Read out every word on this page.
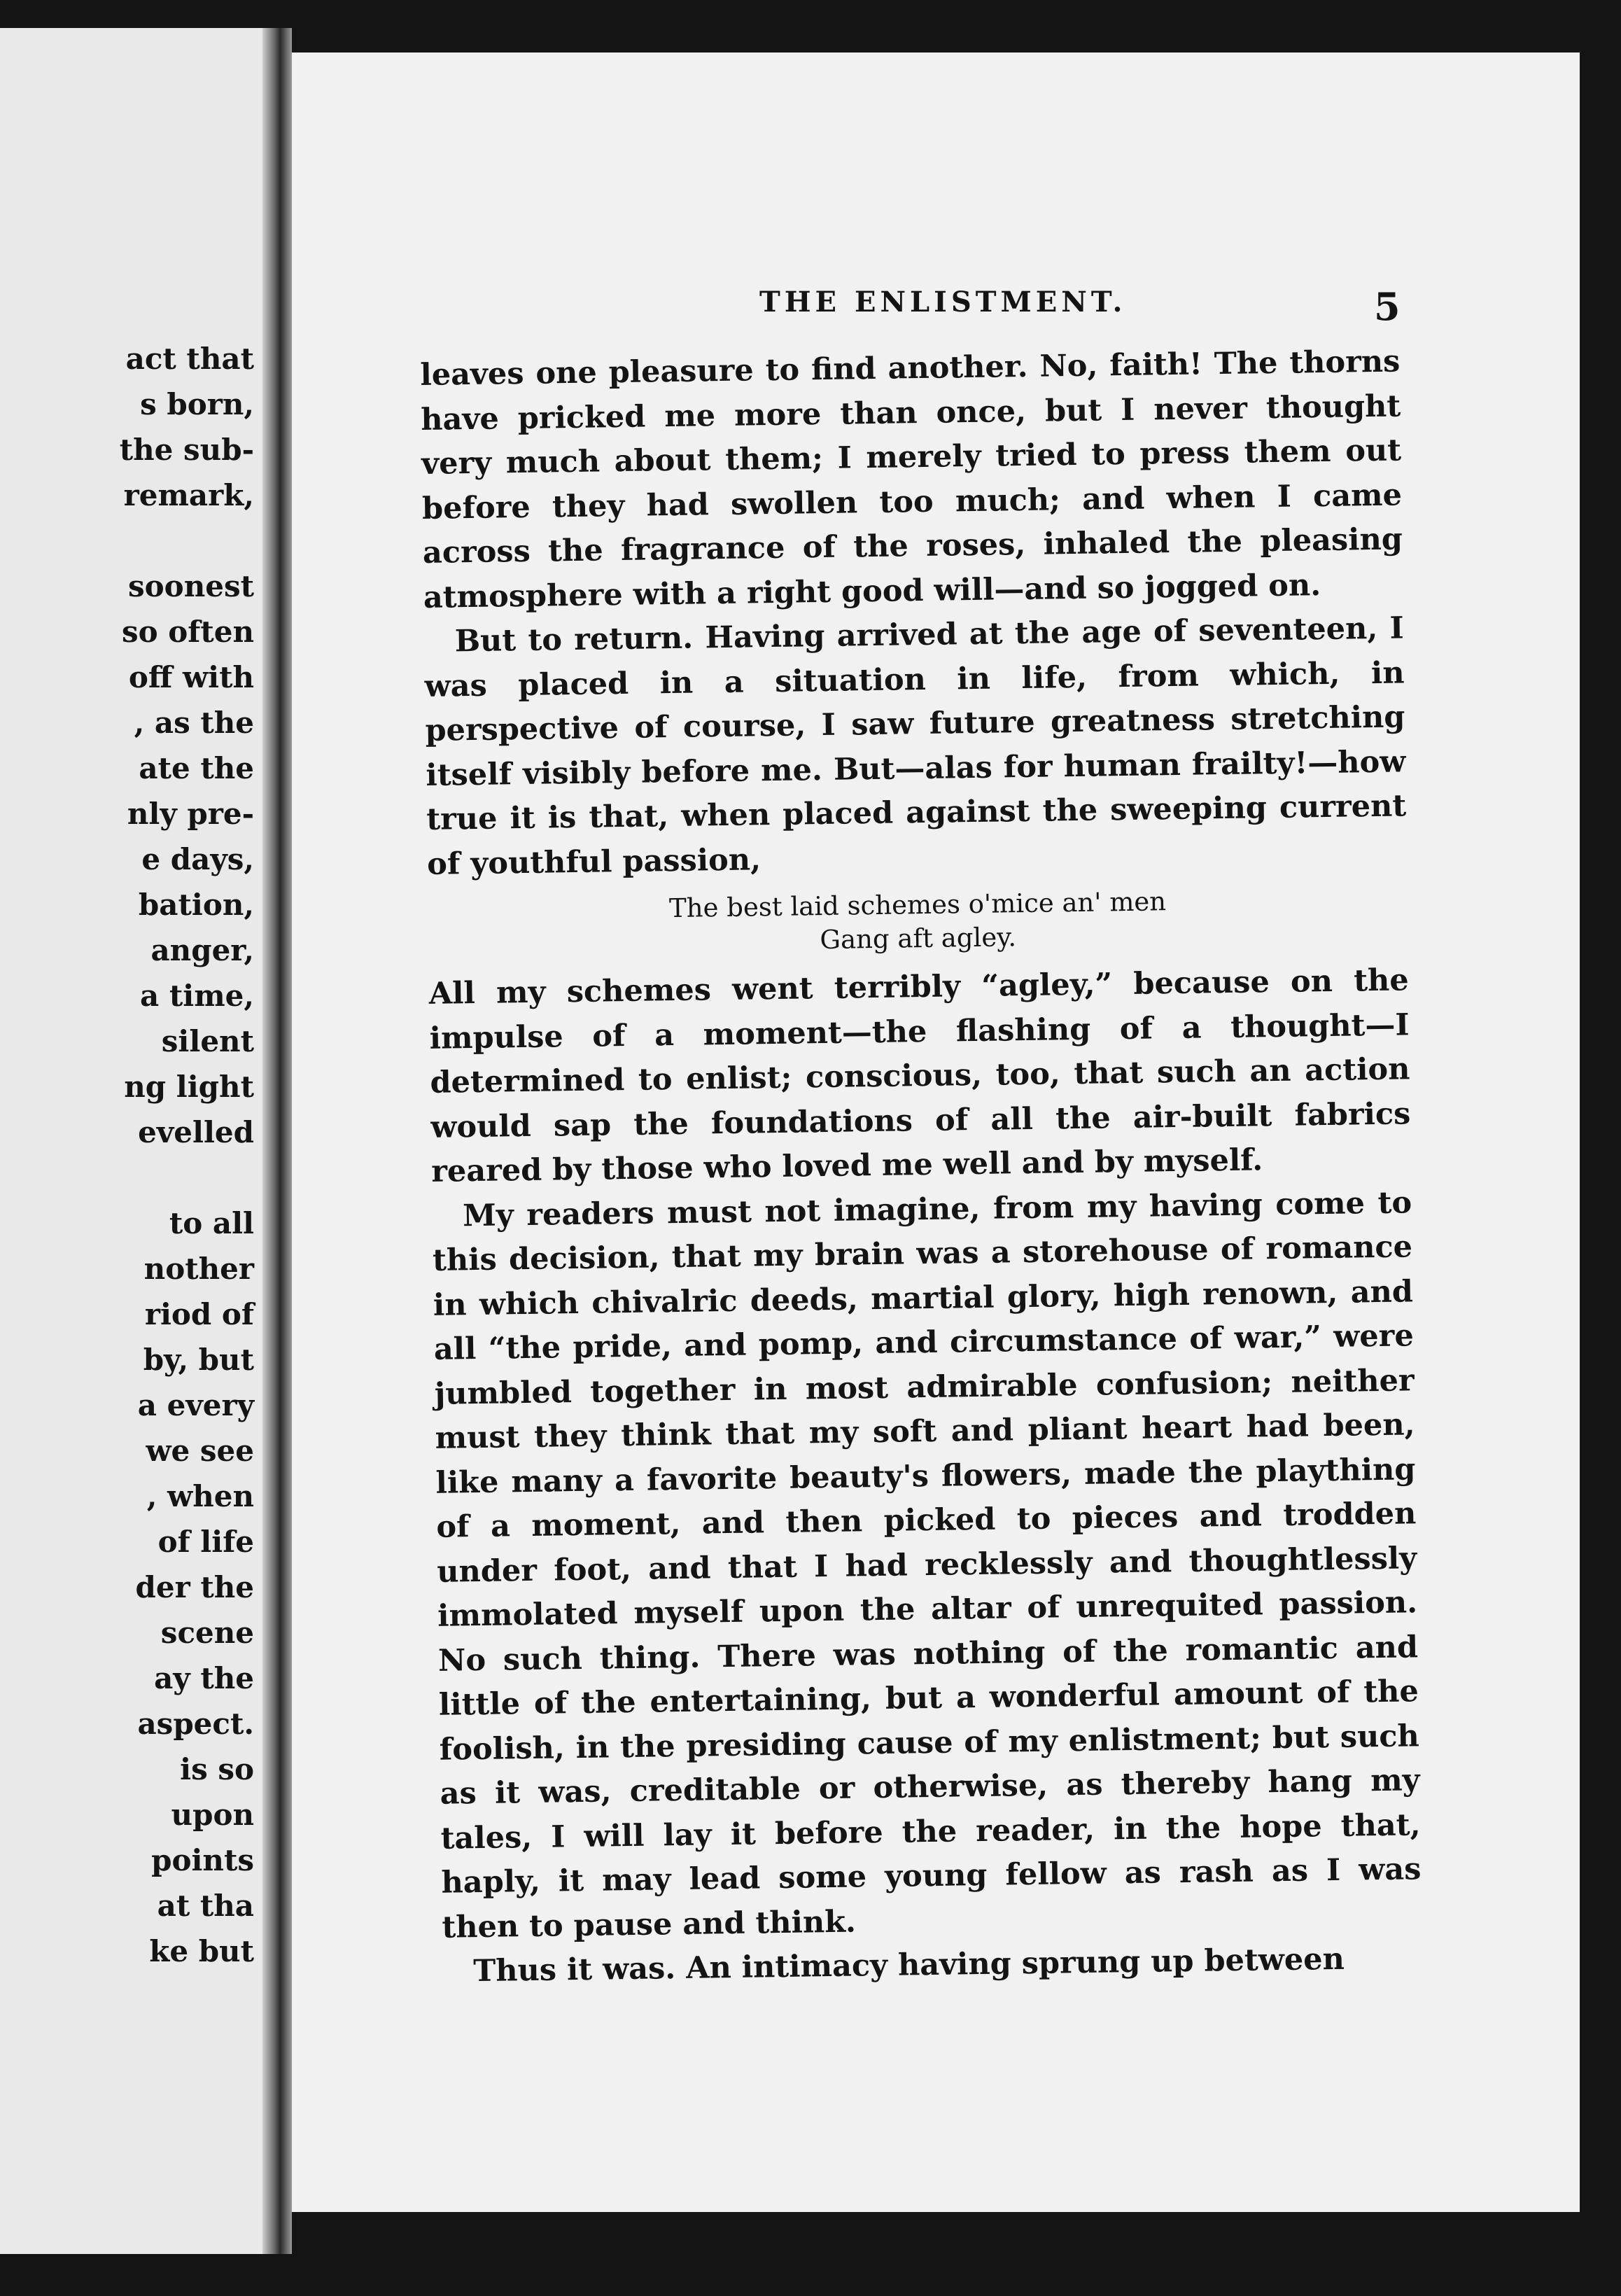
act that
s born,
the sub-
remark,

soonest
so often
off with
, as the
ate the
nly pre-
e days,
bation,
anger,
a time,
silent
ng light
evelled

to all
nother
riod of
by, but
a every
we see
, when
of life
der the
scene
ay the
aspect.
is so
upon
points
at tha
ke but
THE ENLISTMENT.	5

leaves one pleasure to find another. No, faith! The thorns have pricked me more than once, but I never thought very much about them; I merely tried to press them out before they had swollen too much; and when I came across the fragrance of the roses, inhaled the pleasing atmosphere with a right good will—and so jogged on.

But to return. Having arrived at the age of seventeen, I was placed in a situation in life, from which, in perspective of course, I saw future greatness stretching itself visibly before me. But—alas for human frailty!—how true it is that, when placed against the sweeping current of youthful passion,

The best laid schemes o'mice an' men
Gang aft agley.

All my schemes went terribly “agley,” because on the impulse of a moment—the flashing of a thought—I determined to enlist; conscious, too, that such an action would sap the foundations of all the air-built fabrics reared by those who loved me well and by myself.

My readers must not imagine, from my having come to this decision, that my brain was a storehouse of romance in which chivalric deeds, martial glory, high renown, and all “the pride, and pomp, and circumstance of war,” were jumbled together in most admirable confusion; neither must they think that my soft and pliant heart had been, like many a favorite beauty's flowers, made the plaything of a moment, and then picked to pieces and trodden under foot, and that I had recklessly and thoughtlessly immolated myself upon the altar of unrequited passion. No such thing. There was nothing of the romantic and little of the entertaining, but a wonderful amount of the foolish, in the presiding cause of my enlistment; but such as it was, creditable or otherwise, as thereby hang my tales, I will lay it before the reader, in the hope that, haply, it may lead some young fellow as rash as I was then to pause and think.

Thus it was. An intimacy having sprung up between
